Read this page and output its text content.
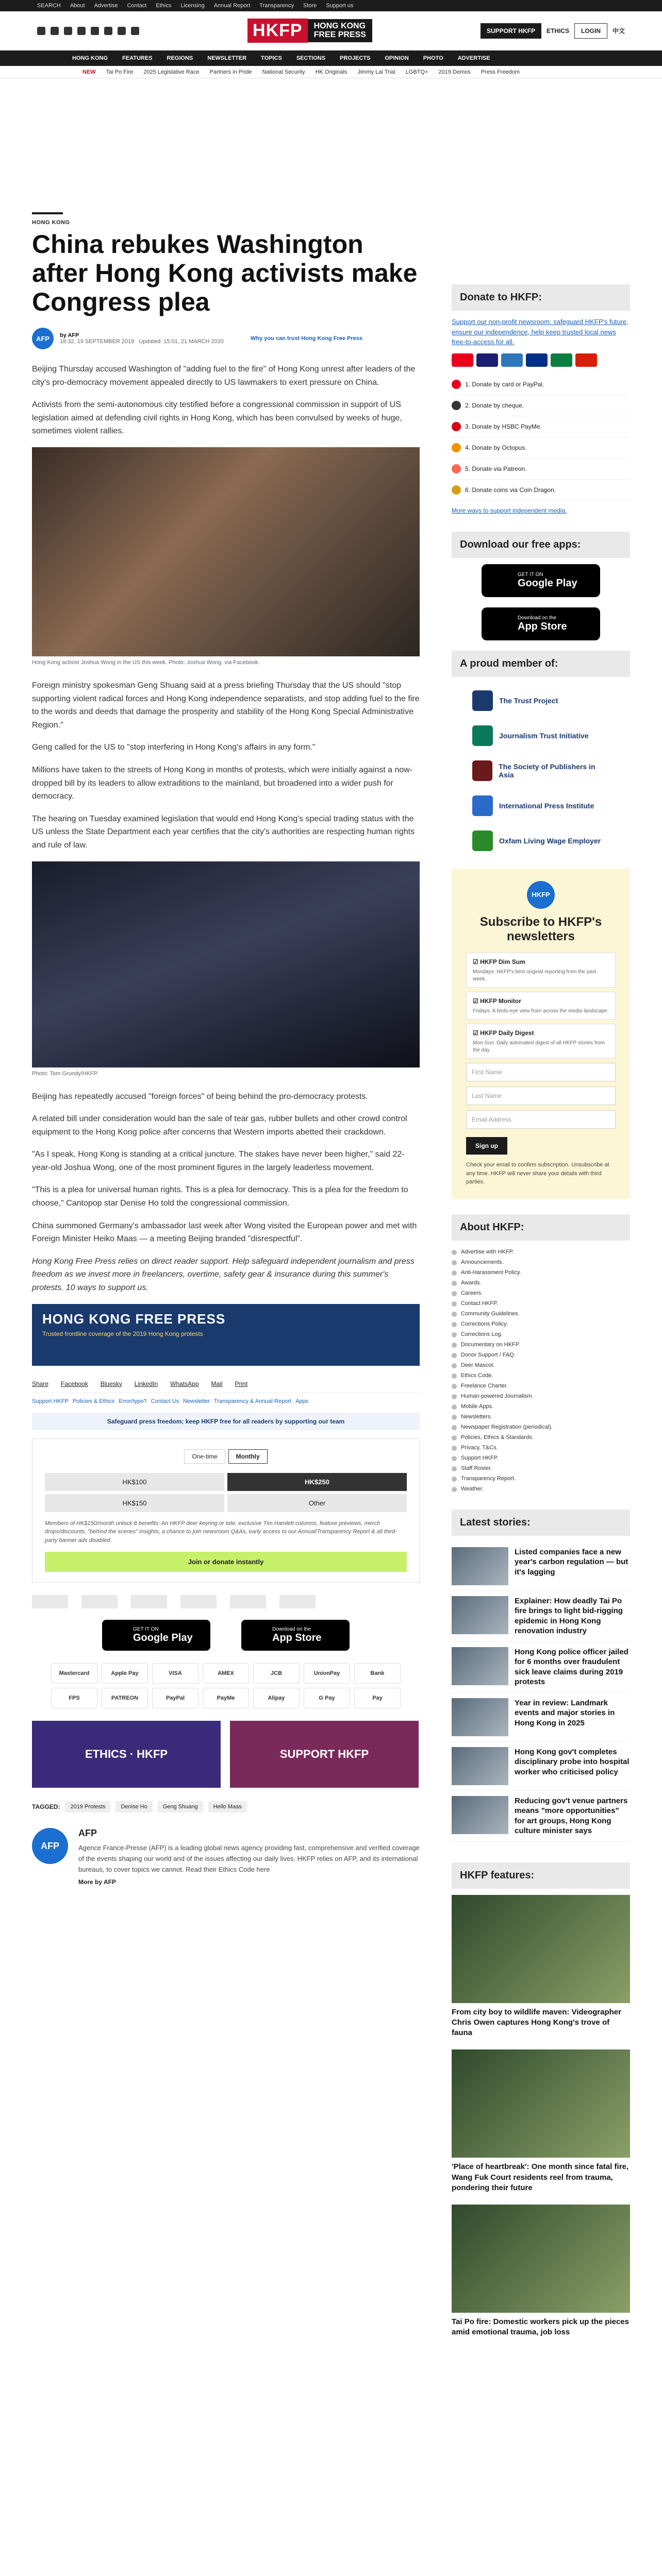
SEARCH About Advertise Contact Ethics Licensing Annual Report Transparency Store Support us
HKFP	HONG KONG
FREE PRESS	SUPPORT HKFP	ETHICS	LOGIN	中文
HONG KONG	FEATURES	REGIONS	NEWSLETTER	TOPICS	SECTIONS	PROJECTS	OPINION	PHOTO	ADVERTISE
NEW Tai Po Fire 2025 Legislative Race Partners in Pride National Security HK Originals Jimmy Lai Trial LGBTQ+ 2019 Demos Press Freedom
HONG KONG
China rebukes Washington after Hong Kong activists make Congress plea
AFP	by AFP
18:32, 19 SEPTEMBER 2019 Updated: 15:01, 21 MARCH 2020	Why you can trust Hong Kong Free Press

Beijing Thursday accused Washington of "adding fuel to the fire" of Hong Kong unrest after leaders of the city's pro-democracy movement appealed directly to US lawmakers to exert pressure on China.

Activists from the semi-autonomous city testified before a congressional commission in support of US legislation aimed at defending civil rights in Hong Kong, which has been convulsed by weeks of huge, sometimes violent rallies.

Hong Kong activist Joshua Wong in the US this week. Photo: Joshua Wong, via Facebook.

Foreign ministry spokesman Geng Shuang said at a press briefing Thursday that the US should "stop supporting violent radical forces and Hong Kong independence separatists, and stop adding fuel to the fire to the words and deeds that damage the prosperity and stability of the Hong Kong Special Administrative Region."

Geng called for the US to "stop interfering in Hong Kong's affairs in any form."

Millions have taken to the streets of Hong Kong in months of protests, which were initially against a now-dropped bill by its leaders to allow extraditions to the mainland, but broadened into a wider push for democracy.

The hearing on Tuesday examined legislation that would end Hong Kong's special trading status with the US unless the State Department each year certifies that the city's authorities are respecting human rights and rule of law.

Photo: Tom Grundy/HKFP.

Beijing has repeatedly accused "foreign forces" of being behind the pro-democracy protests.

A related bill under consideration would ban the sale of tear gas, rubber bullets and other crowd control equipment to the Hong Kong police after concerns that Western imports abetted their crackdown.

"As I speak, Hong Kong is standing at a critical juncture. The stakes have never been higher," said 22-year-old Joshua Wong, one of the most prominent figures in the largely leaderless movement.

"This is a plea for universal human rights. This is a plea for democracy. This is a plea for the freedom to choose," Cantopop star Denise Ho told the congressional commission.

China summoned Germany's ambassador last week after Wong visited the European power and met with Foreign Minister Heiko Maas — a meeting Beijing branded "disrespectful".

Hong Kong Free Press relies on direct reader support. Help safeguard independent journalism and press freedom as we invest more in freelancers, overtime, safety gear & insurance during this summer's protests. 10 ways to support us.

HONG KONG FREE PRESS
Trusted frontline coverage of the 2019 Hong Kong protests
Share Facebook Bluesky LinkedIn WhatsApp Mail Print
Support HKFP Policies & Ethics Error/typo? Contact Us Newsletter Transparency & Annual Report Apps
Safeguard press freedom; keep HKFP free for all readers by supporting our team
One-time	Monthly
HK$100	HK$250
HK$150	Other
Members of HK$150/month unlock 8 benefits: An HKFP deer keyring or tote, exclusive Tim Hamlett columns, feature previews, merch drops/discounts, "behind the scenes" insights, a chance to join newsroom Q&As, early access to our Annual/Transparency Report & all third-party banner ads disabled.
Join or donate instantly
GET IT ON
Google Play
Download on the
App Store
Mastercard	Apple Pay	VISA	AMEX	JCB	UnionPay	Bank
FPS	PATREON	PayPal	PayMe	Alipay	G Pay	Pay
ETHICS · HKFP	SUPPORT HKFP
TAGGED:	2019 Protests	Denise Ho	Geng Shuang	Hello Maas
AFP
AFP

Agence France-Presse (AFP) is a leading global news agency providing fast, comprehensive and verified coverage of the events shaping our world and of the issues affecting our daily lives. HKFP relies on AFP, and its international bureaus, to cover topics we cannot. Read their Ethics Code here

More by AFP
Donate to HKFP:
Support our non-profit newsroom: safeguard HKFP's future, ensure our independence, help keep trusted local news free-to-access for all.
1. Donate by card or PayPal.
2. Donate by cheque.
3. Donate by HSBC PayMe.
4. Donate by Octopus.
5. Donate via Patreon.
6. Donate coins via Coin Dragon.
More ways to support independent media.
Download our free apps:
GET IT ON
Google Play
Download on the
App Store
A proud member of:
The Trust Project
Journalism Trust Initiative
The Society of Publishers in Asia
International Press Institute
Oxfam Living Wage Employer
HKFP
Subscribe to HKFP's newsletters
☑ HKFP Dim Sum
Mondays: HKFP's best original reporting from the past week.
☑ HKFP Monitor
Fridays: A birds-eye view from across the media landscape.
☑ HKFP Daily Digest
Mon-Sun: Daily automated digest of all HKFP stories from the day.
First Name
Last Name
Email Address
Sign up
Check your email to confirm subscription. Unsubscribe at any time. HKFP will never share your details with third parties.
About HKFP:
Advertise with HKFP.
Announcements.
Anti-Harassment Policy.
Awards.
Careers.
Contact HKFP.
Community Guidelines.
Corrections Policy.
Corrections Log.
Documentary on HKFP.
Donor Support / FAQ.
Deer Mascot.
Ethics Code.
Freelance Charter.
Human-powered Journalism.
Mobile Apps.
Newsletters.
Newspaper Registration (periodical).
Policies, Ethics & Standards.
Privacy, T&Cs.
Support HKFP.
Staff Roster.
Transparency Report.
Weather.
Latest stories:
Listed companies face a new year's carbon regulation — but it's lagging
Explainer: How deadly Tai Po fire brings to light bid-rigging epidemic in Hong Kong renovation industry
Hong Kong police officer jailed for 6 months over fraudulent sick leave claims during 2019 protests
Year in review: Landmark events and major stories in Hong Kong in 2025
Hong Kong gov't completes disciplinary probe into hospital worker who criticised policy
Reducing gov't venue partners means "more opportunities" for art groups, Hong Kong culture minister says
HKFP features:
From city boy to wildlife maven: Videographer Chris Owen captures Hong Kong's trove of fauna
'Place of heartbreak': One month since fatal fire, Wang Fuk Court residents reel from trauma, pondering their future
Tai Po fire: Domestic workers pick up the pieces amid emotional trauma, job loss
